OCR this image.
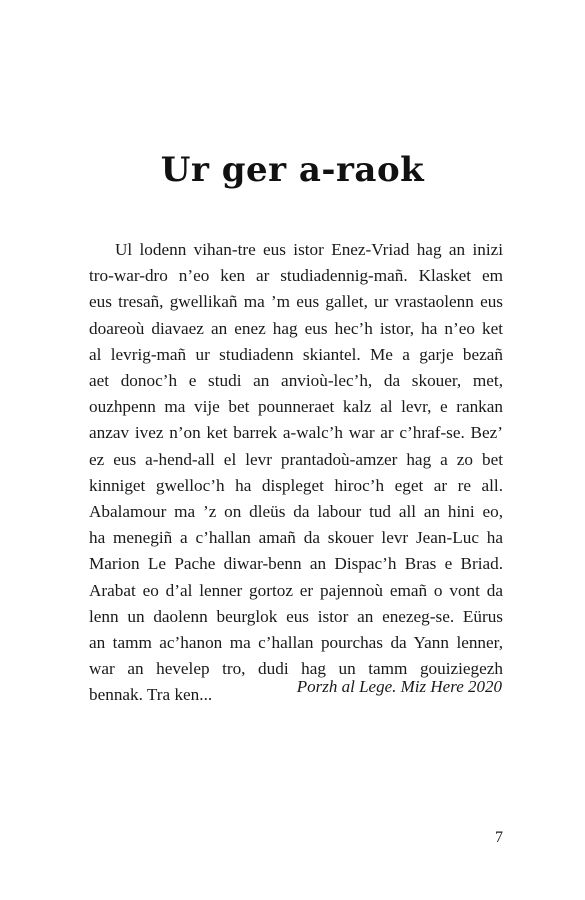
Ur ger a-raok
Ul lodenn vihan-tre eus istor Enez-Vriad hag an inizi
tro-war-dro n’eo ken ar studiadennig-mañ. Klasket em
eus tresañ, gwellikañ ma ’m eus gallet, ur vrastaolenn eus
doareoù diavaez an enez hag eus hec’h istor, ha n’eo ket
al levrig-mañ ur studiadenn skiantel. Me a garje bezañ
aet donoc’h e studi an anvioù-lec’h, da skouer, met,
ouzhpenn ma vije bet pounneraet kalz al levr, e rankan
anzav ivez n’on ket barrek a-walc’h war ar c’hraf-se. Bez’
ez eus a-hend-all el levr prantadoù-amzer hag a zo bet
kinniget gwelloc’h ha displeget hiroc’h eget ar re all.
Abalamour ma ’z on dleüs da labour tud all an hini eo,
ha menegiñ a c’hallan amañ da skouer levr Jean-Luc ha
Marion Le Pache diwar-benn an Dispac’h Bras e Briad.
Arabat eo d’al lenner gortoz er pajennoù emañ o vont da
lenn un daolenn beurglok eus istor an enezeg-se. Eürus
an tamm ac’hanon ma c’hallan pourchas da Yann lenner,
war an hevelep tro, dudi hag un tamm gouiziegezh
bennak. Tra ken...	Porzh al Lege. Miz Here 2020

7
